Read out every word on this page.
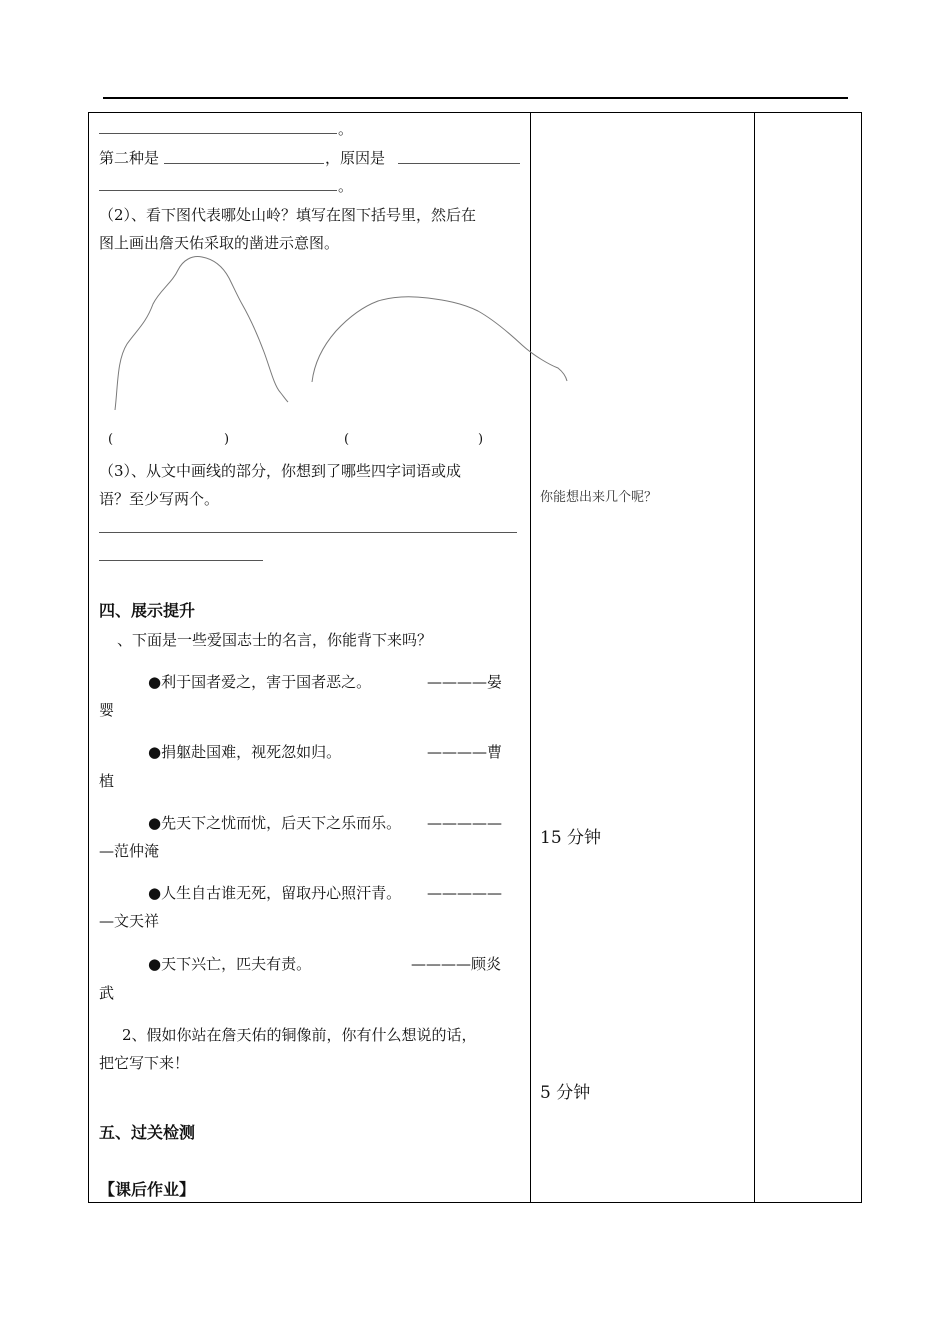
。
第二种是	，原因是
。
（2）、看下图代表哪处山岭？填写在图下括号里，然后在
图上画出詹天佑采取的凿进示意图。
(	)	(	)
（3）、从文中画线的部分，你想到了哪些四字词语或成
语？至少写两个。
四、展示提升
、下面是一些爱国志士的名言，你能背下来吗？
●利于国者爱之，害于国者恶之。	————晏
婴
●捐躯赴国难，视死忽如归。	————曹
植
●先天下之忧而忧，后天下之乐而乐。 —————
—范仲淹
●人生自古谁无死，留取丹心照汗青。 —————
—文天祥
●天下兴亡，匹夫有责。	————顾炎
武
2、假如你站在詹天佑的铜像前，你有什么想说的话，
把它写下来！
五、过关检测
【课后作业】
你能想出来几个呢？
15 分钟
5 分钟
